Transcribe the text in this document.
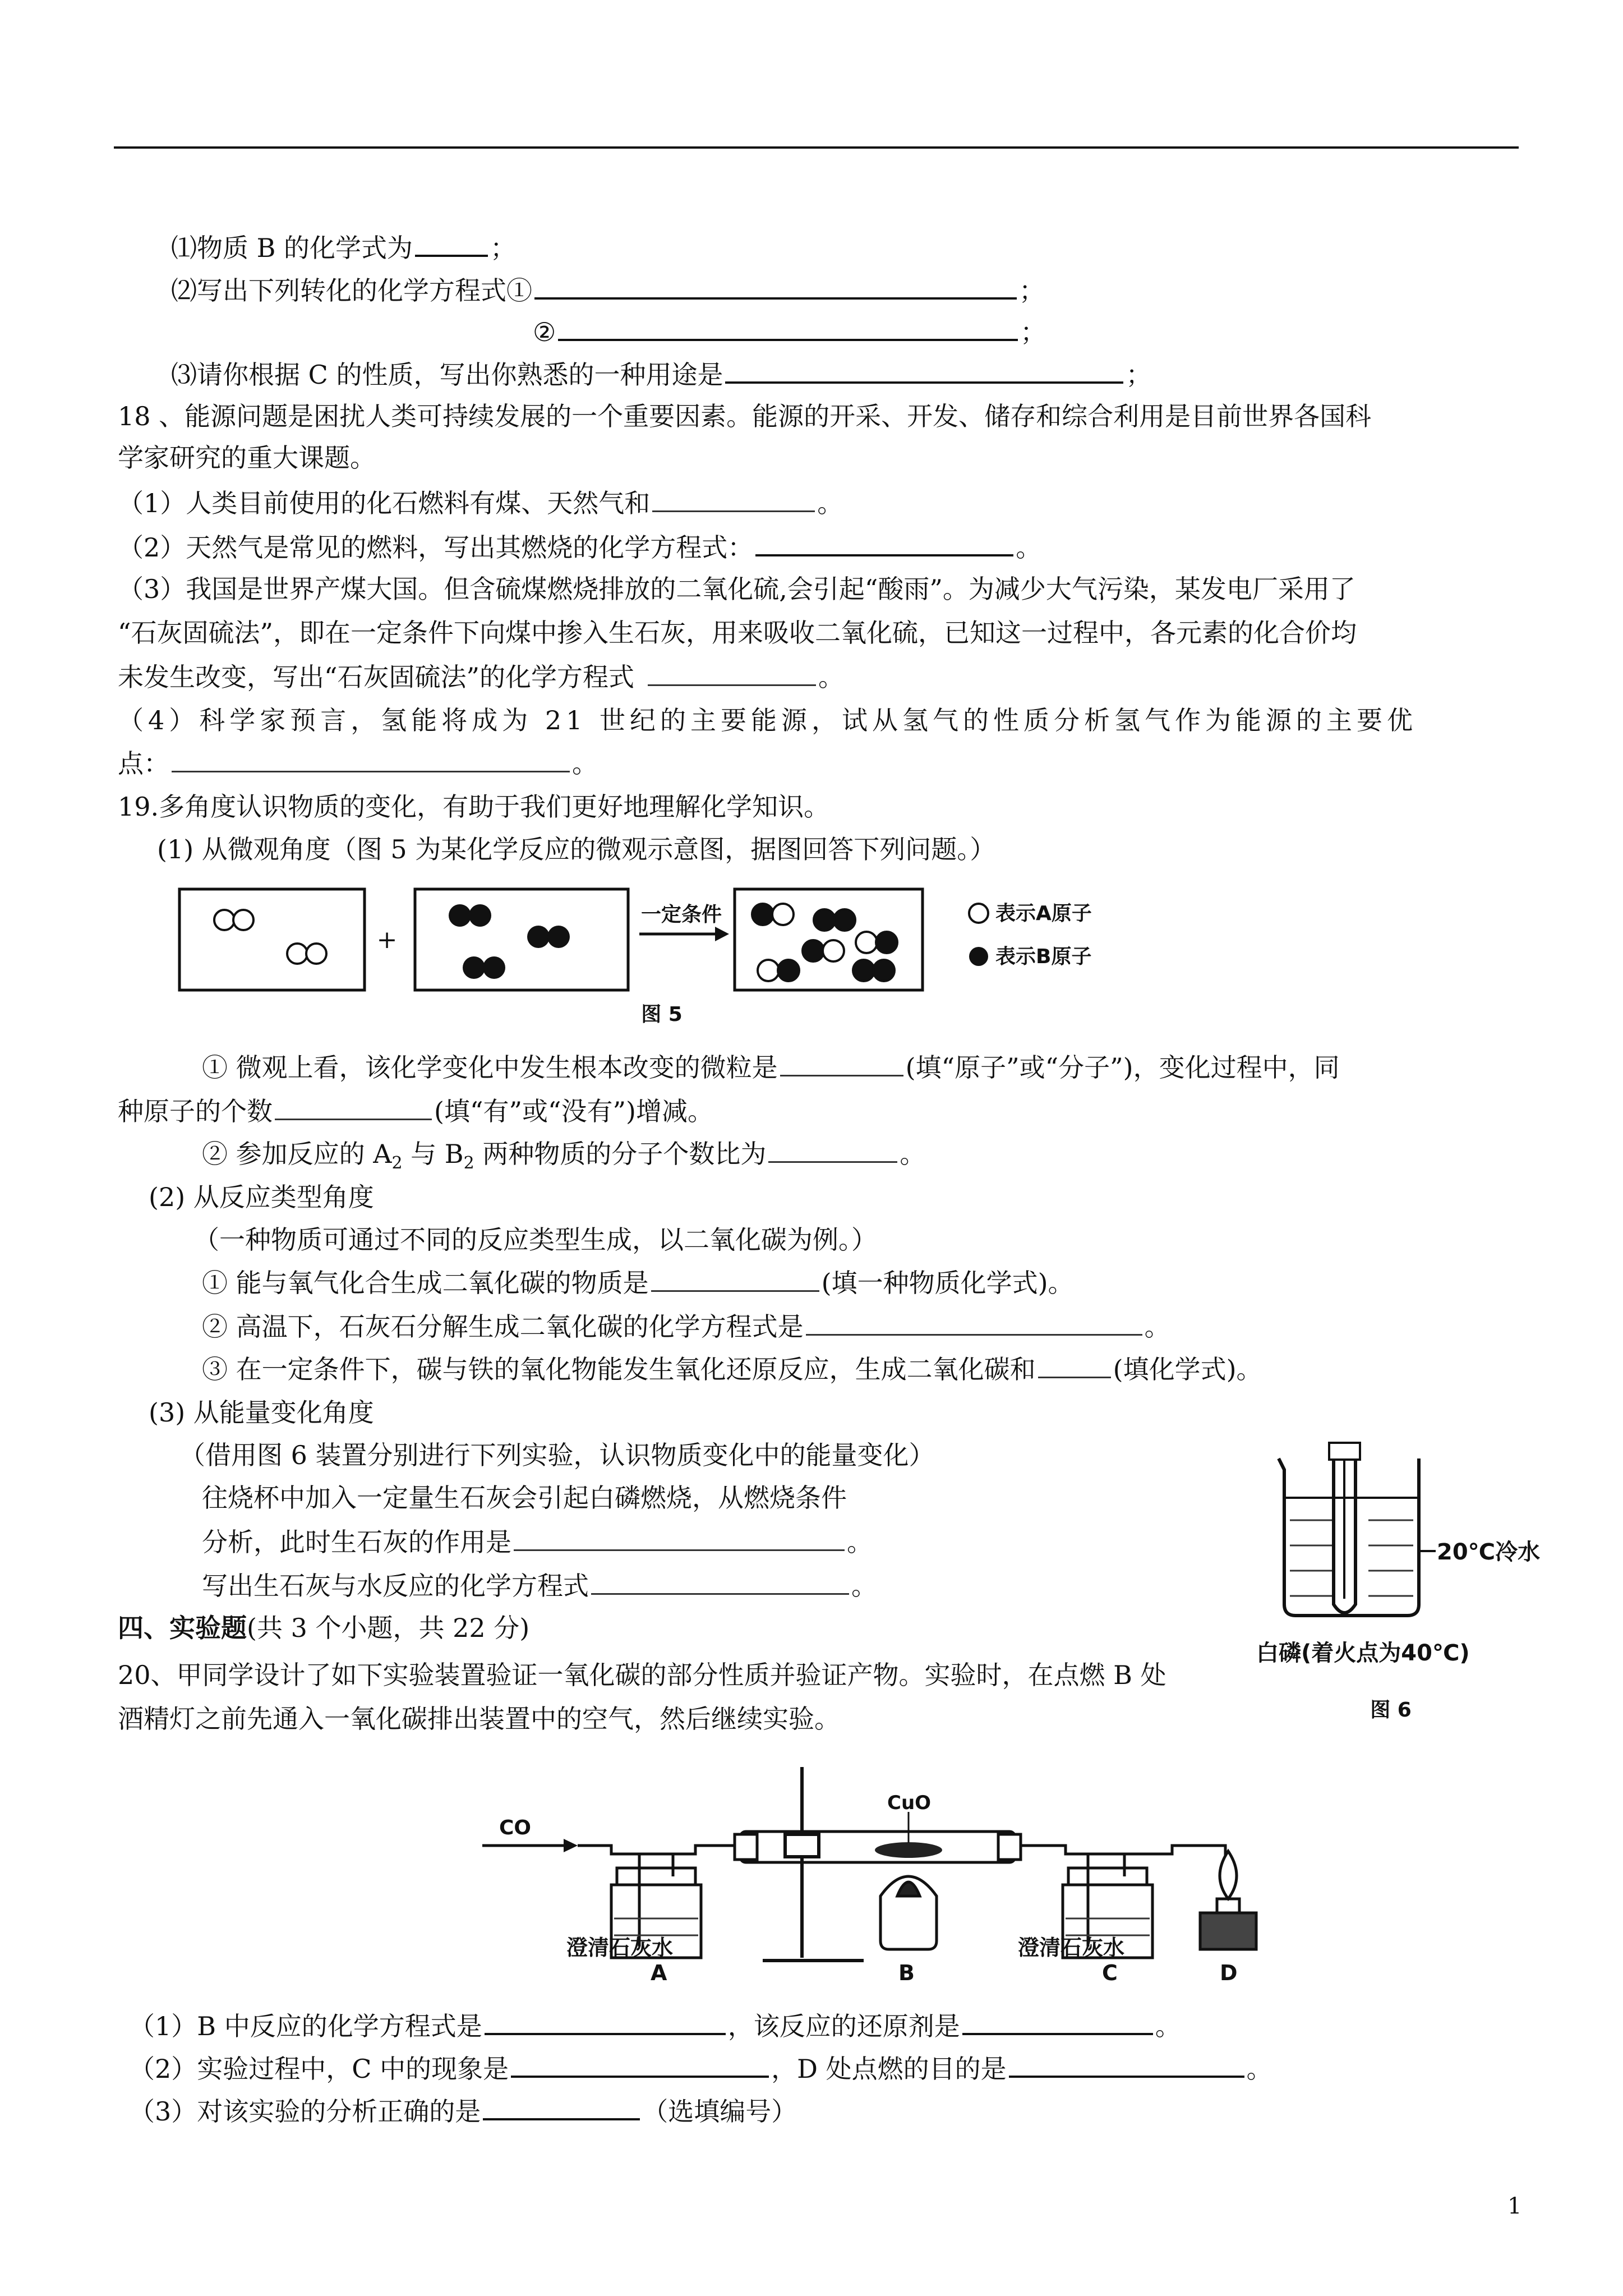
⑴物质 B 的化学式为	；
⑵写出下列转化的化学方程式①	；
②	；
⑶请你根据 C 的性质，写出你熟悉的一种用途是	；
18 、能源问题是困扰人类可持续发展的一个重要因素。能源的开采、开发、储存和综合利用是目前世界各国科
学家研究的重大课题。
（1）人类目前使用的化石燃料有煤、天然气和	。
（2）天然气是常见的燃料，写出其燃烧的化学方程式：	。
（3）我国是世界产煤大国。但含硫煤燃烧排放的二氧化硫,会引起“酸雨”。为减少大气污染，某发电厂采用了
“石灰固硫法”，即在一定条件下向煤中掺入生石灰，用来吸收二氧化硫，已知这一过程中，各元素的化合价均
未发生改变，写出“石灰固硫法”的化学方程式	。
（4）科学家预言，氢能将成为 21 世纪的主要能源，试从氢气的性质分析氢气作为能源的主要优
点：	。
19.多角度认识物质的变化，有助于我们更好地理解化学知识。
(1) 从微观角度（图 5 为某化学反应的微观示意图，据图回答下列问题。）
+
一定条件	表示A原子
表示B原子
图 5
① 微观上看，该化学变化中发生根本改变的微粒是	(填“原子”或“分子”)，变化过程中，同
种原子的个数	(填“有”或“没有”)增减。
② 参加反应的 $A_2$ 与 $B_2$ 两种物质的分子个数比为	。
(2) 从反应类型角度
（一种物质可通过不同的反应类型生成，以二氧化碳为例。）
① 能与氧气化合生成二氧化碳的物质是	(填一种物质化学式)。
② 高温下，石灰石分解生成二氧化碳的化学方程式是	。
③ 在一定条件下，碳与铁的氧化物能发生氧化还原反应，生成二氧化碳和	(填化学式)。
(3) 从能量变化角度
（借用图 6 装置分别进行下列实验，认识物质变化中的能量变化）
往烧杯中加入一定量生石灰会引起白磷燃烧，从燃烧条件
分析，此时生石灰的作用是	。
写出生石灰与水反应的化学方程式	。
20℃冷水
白磷(着火点为40℃)
图 6
四、实验题(共 3 个小题，共 22 分)
20、甲同学设计了如下实验装置验证一氧化碳的部分性质并验证产物。实验时，在点燃 B 处
酒精灯之前先通入一氧化碳排出装置中的空气，然后继续实验。
CO
澄清石灰水
A
CuO
B
澄清石灰水
C	D
（1）B 中反应的化学方程式是	，该反应的还原剂是	。
（2）实验过程中，C 中的现象是	，D 处点燃的目的是	。
（3）对该实验的分析正确的是	（选填编号）
1
